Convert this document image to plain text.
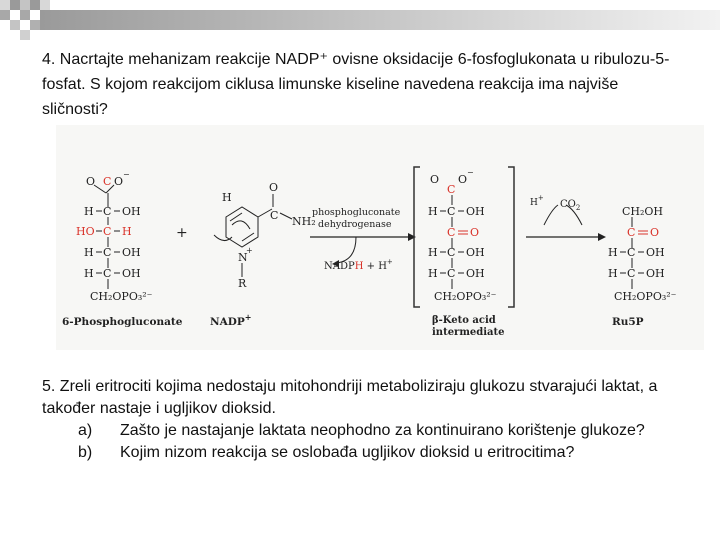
4. Nacrtajte mehanizam reakcije NADP⁺ ovisne oksidacije 6-fosfoglukonata u ribulozu-5-fosfat. S kojom reakcijom ciklusa limunske kiseline navedena reakcija ima najviše sličnosti?

O O
−
C
H C OH
HO C H
H C OH
H C OH
CH₂OPO₃²⁻
+
H
O
C NH₂
N
+
R
O O
−
C
H C OH
C O
H C OH
H C OH
CH₂OPO₃²⁻
CH₂OH
C O
H C OH
H C OH
CH₂OPO₃²⁻
6-Phosphogluconate	NADP+
phosphogluconate
dehydrogenase
NADPH + H+
β-Keto acid
intermediate
Ru5P
H+
$CO_2$

5. Zreli eritrociti kojima nedostaju mitohondriji metaboliziraju glukozu stvarajući laktat, a također nastaje i ugljikov dioksid.

a) Zašto je nastajanje laktata neophodno za kontinuirano korištenje glukoze?

b) Kojim nizom reakcija se oslobađa ugljikov dioksid u eritrocitima?
